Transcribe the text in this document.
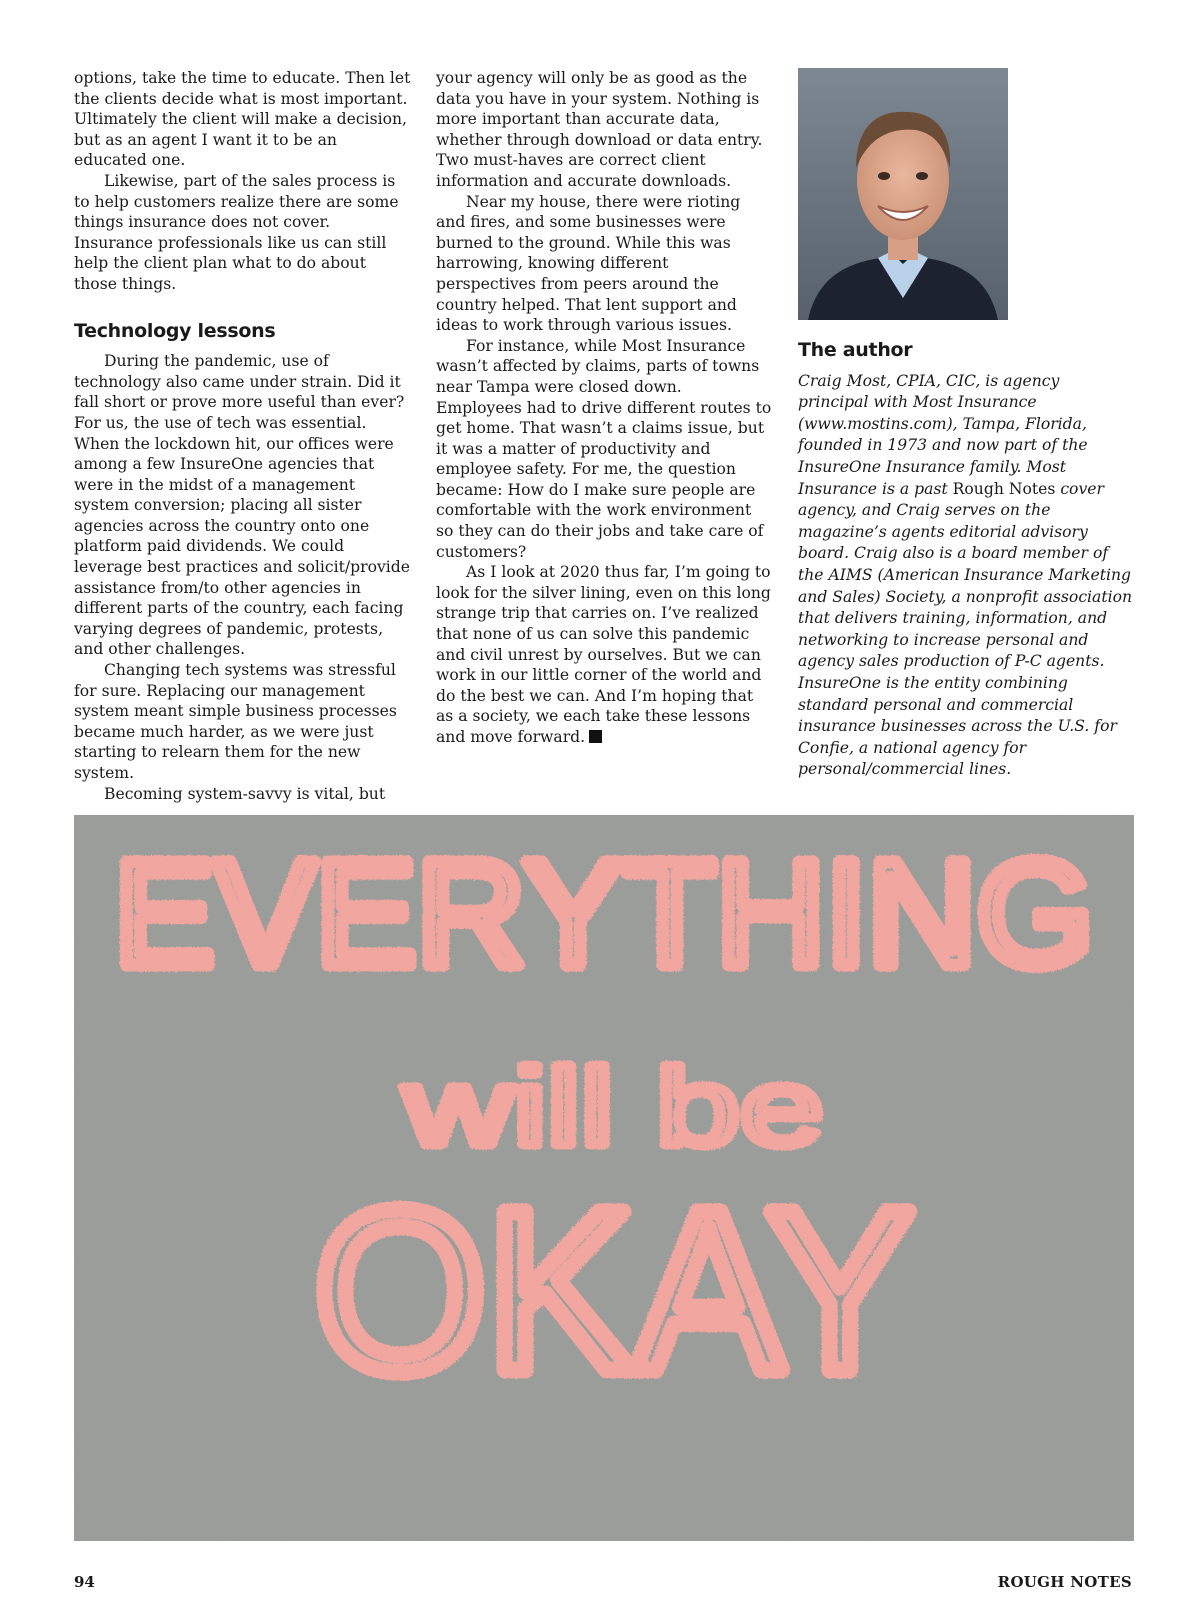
options, take the time to educate. Then let the clients decide what is most important. Ultimately the client will make a decision, but as an agent I want it to be an educated one.

Likewise, part of the sales process is to help customers realize there are some things insurance does not cover. Insurance professionals like us can still help the client plan what to do about those things.

Technology lessons

During the pandemic, use of technology also came under strain. Did it fall short or prove more useful than ever? For us, the use of tech was essential. When the lockdown hit, our offices were among a few InsureOne agencies that were in the midst of a management system conversion; placing all sister agencies across the country onto one platform paid dividends. We could leverage best practices and solicit/provide assistance from/to other agencies in different parts of the country, each facing varying degrees of pandemic, protests, and other challenges.

Changing tech systems was stressful for sure. Replacing our management system meant simple business processes became much harder, as we were just starting to relearn them for the new system.

Becoming system-savvy is vital, but

your agency will only be as good as the data you have in your system. Nothing is more important than accurate data, whether through download or data entry. Two must-haves are correct client information and accurate downloads.

Near my house, there were rioting and fires, and some businesses were burned to the ground. While this was harrowing, knowing different perspectives from peers around the country helped. That lent support and ideas to work through various issues.

For instance, while Most Insurance wasn’t affected by claims, parts of towns near Tampa were closed down. Employees had to drive different routes to get home. That wasn’t a claims issue, but it was a matter of productivity and employee safety. For me, the question became: How do I make sure people are comfortable with the work environment so they can do their jobs and take care of customers?

As I look at 2020 thus far, I’m going to look for the silver lining, even on this long strange trip that carries on. I’ve realized that none of us can solve this pandemic and civil unrest by ourselves. But we can work in our little corner of the world and do the best we can. And I’m hoping that as a society, we each take these lessons and move forward.

The author

Craig Most, CPIA, CIC, is agency principal with Most Insurance (www.mostins.com), Tampa, Florida, founded in 1973 and now part of the InsureOne Insurance family. Most Insurance is a past Rough Notes cover agency, and Craig serves on the magazine’s agents editorial advisory board. Craig also is a board member of the AIMS (American Insurance Marketing and Sales) Society, a nonprofit association that delivers training, information, and networking to increase personal and agency sales production of P-C agents. InsureOne is the entity combining standard personal and commercial insurance businesses across the U.S. for Confie, a national agency for personal/commercial lines.

EVERYTHING
will be
OKAY
94	ROUGH NOTES
